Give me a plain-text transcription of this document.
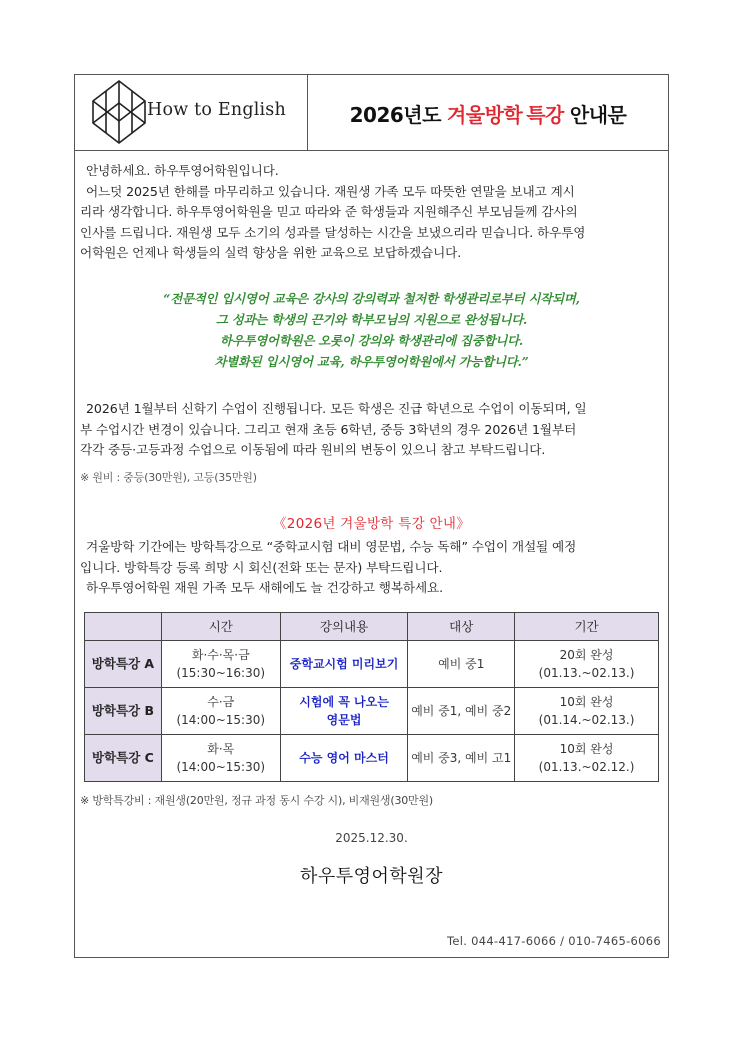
How to English	2026년도 겨울방학 특강 안내문
안녕하세요. 하우투영어학원입니다.
어느덧 2025년 한해를 마무리하고 있습니다. 재원생 가족 모두 따뜻한 연말을 보내고 계시
리라 생각합니다. 하우투영어학원을 믿고 따라와 준 학생들과 지원해주신 부모님들께 감사의
인사를 드립니다. 재원생 모두 소기의 성과를 달성하는 시간을 보냈으리라 믿습니다. 하우투영
어학원은 언제나 학생들의 실력 향상을 위한 교육으로 보답하겠습니다.
“전문적인 입시영어 교육은 강사의 강의력과 철저한 학생관리로부터 시작되며,
그 성과는 학생의 끈기와 학부모님의 지원으로 완성됩니다.
하우투영어학원은 오롯이 강의와 학생관리에 집중합니다.
차별화된 입시영어 교육, 하우투영어학원에서 가능합니다.”
2026년 1월부터 신학기 수업이 진행됩니다. 모든 학생은 진급 학년으로 수업이 이동되며, 일
부 수업시간 변경이 있습니다. 그리고 현재 초등 6학년, 중등 3학년의 경우 2026년 1월부터
각각 중등·고등과정 수업으로 이동됨에 따라 원비의 변동이 있으니 참고 부탁드립니다.
※ 원비 : 중등(30만원), 고등(35만원)
《2026년 겨울방학 특강 안내》
겨울방학 기간에는 방학특강으로 “중학교시험 대비 영문법, 수능 독해” 수업이 개설될 예정
입니다. 방학특강 등록 희망 시 회신(전화 또는 문자) 부탁드립니다.
하우투영어학원 재원 가족 모두 새해에도 늘 건강하고 행복하세요.
	시간	강의내용	대상	기간
방학특강 A	화·수·목·금
(15:30~16:30)	중학교시험 미리보기	예비 중1	20회 완성
(01.13.~02.13.)

방학특강 B	수·금
(14:00~15:30)	시험에 꼭 나오는
영문법	예비 중1, 예비 중2	10회 완성
(01.14.~02.13.)

방학특강 C	화·목
(14:00~15:30)	수능 영어 마스터	예비 중3, 예비 고1	10회 완성
(01.13.~02.12.)
※ 방학특강비 : 재원생(20만원, 정규 과정 동시 수강 시), 비재원생(30만원)
2025.12.30.
하우투영어학원장
Tel. 044-417-6066 / 010-7465-6066
